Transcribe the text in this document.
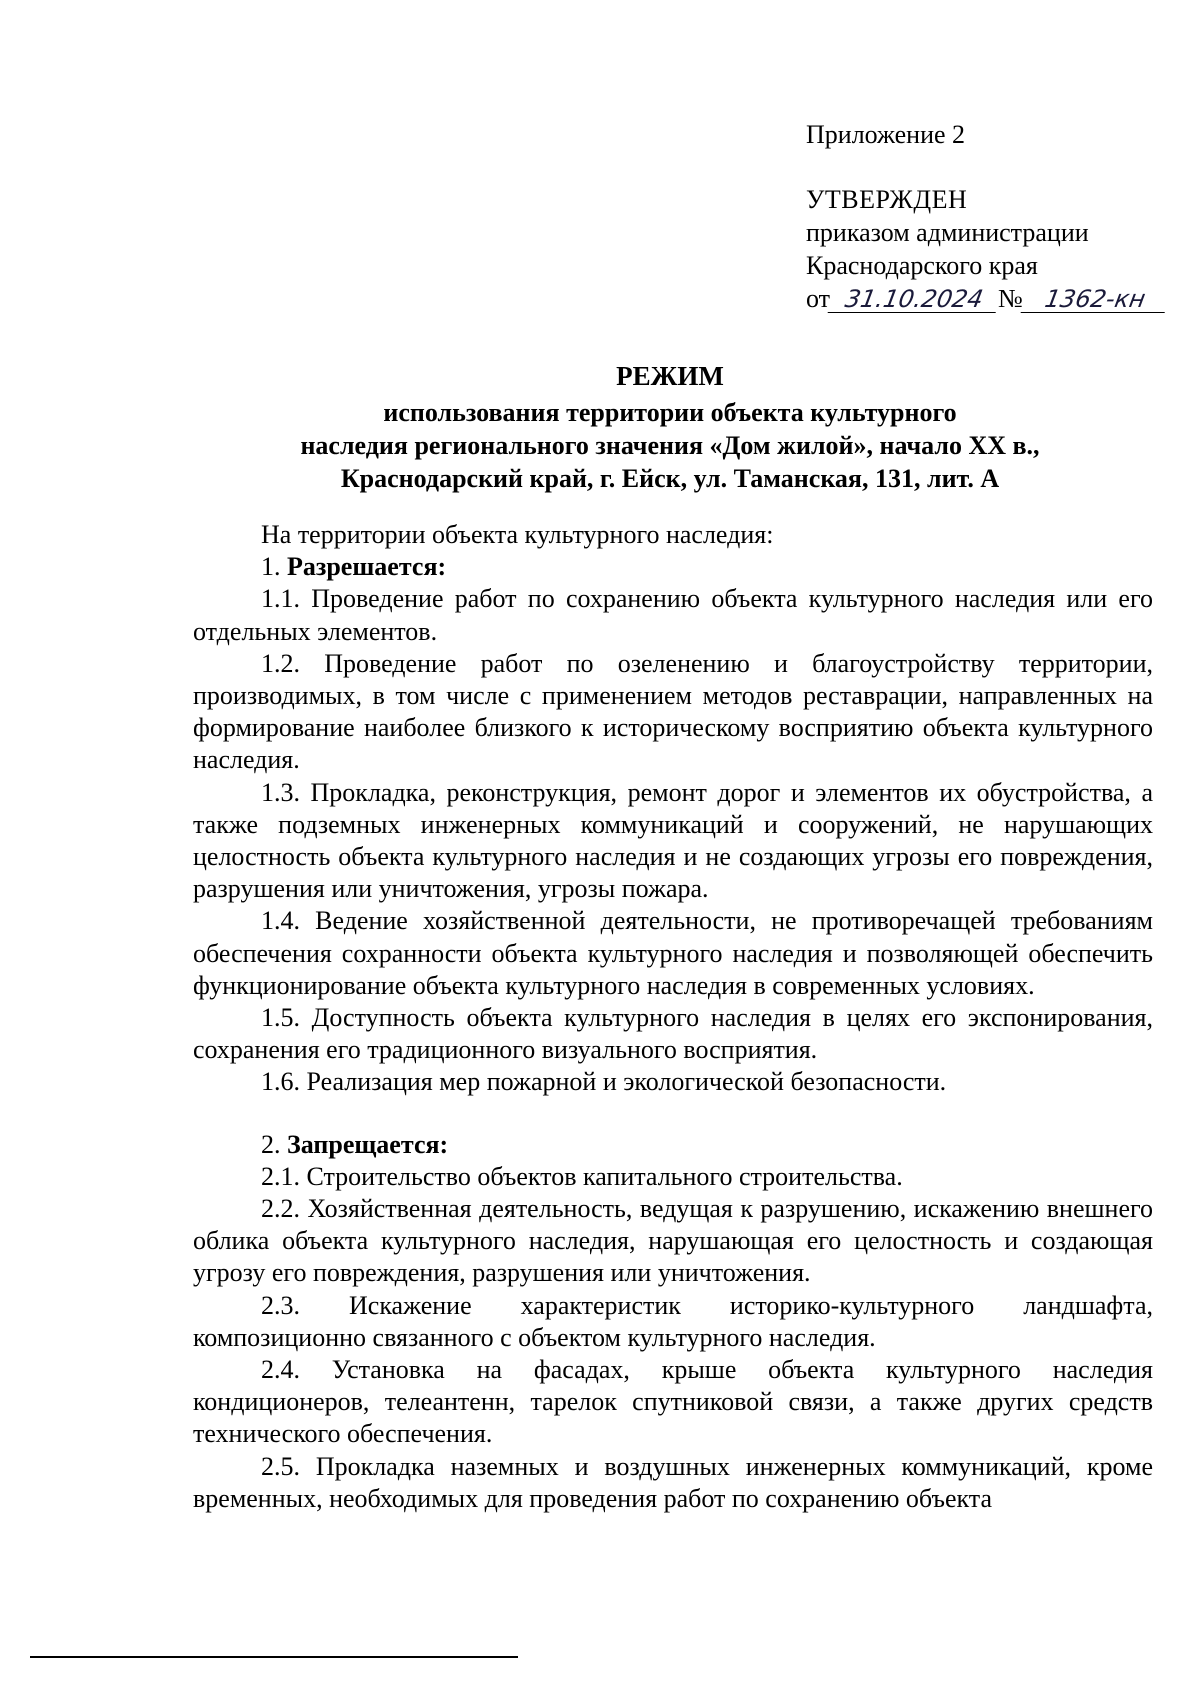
Приложение 2
УТВЕРЖДЕН
приказом администрации
Краснодарского края
от 31.10.2024 № 1362-кн
РЕЖИМ
использования территории объекта культурного
наследия регионального значения «Дом жилой», начало XX в.,
Краснодарский край, г. Ейск, ул. Таманская, 131, лит. А

На территории объекта культурного наследия:

1. Разрешается:

1.1. Проведение работ по сохранению объекта культурного наследия или его отдельных элементов.

1.2. Проведение работ по озеленению и благоустройству территории, производимых, в том числе с применением методов реставрации, направленных на формирование наиболее близкого к историческому восприятию объекта культурного наследия.

1.3. Прокладка, реконструкция, ремонт дорог и элементов их обустройства, а также подземных инженерных коммуникаций и сооружений, не нарушающих целостность объекта культурного наследия и не создающих угрозы его повреждения, разрушения или уничтожения, угрозы пожара.

1.4. Ведение хозяйственной деятельности, не противоречащей требованиям обеспечения сохранности объекта культурного наследия и позволяющей обеспечить функционирование объекта культурного наследия в современных условиях.

1.5. Доступность объекта культурного наследия в целях его экспонирования, сохранения его традиционного визуального восприятия.

1.6. Реализация мер пожарной и экологической безопасности.

2. Запрещается:

2.1. Строительство объектов капитального строительства.

2.2. Хозяйственная деятельность, ведущая к разрушению, искажению внешнего облика объекта культурного наследия, нарушающая его целостность и создающая угрозу его повреждения, разрушения или уничтожения.

2.3. Искажение характеристик историко-культурного ландшафта, композиционно связанного с объектом культурного наследия.

2.4. Установка на фасадах, крыше объекта культурного наследия кондиционеров, телеантенн, тарелок спутниковой связи, а также других средств технического обеспечения.

2.5. Прокладка наземных и воздушных инженерных коммуникаций, кроме временных, необходимых для проведения работ по сохранению объекта
